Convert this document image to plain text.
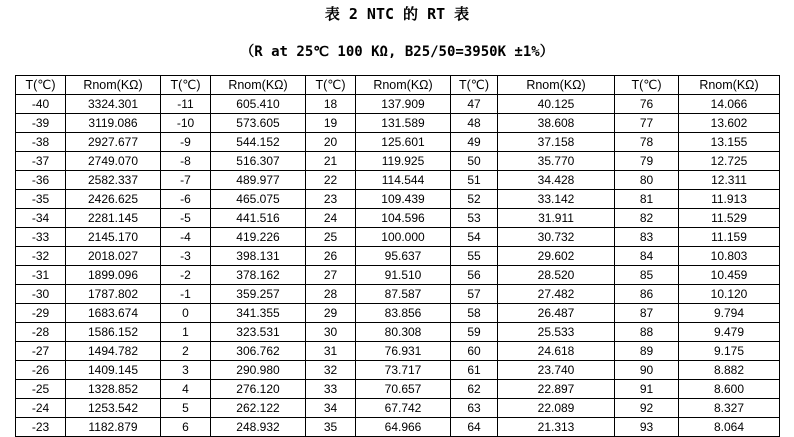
表 2 NTC 的 RT 表
（R at 25℃ 100 KΩ, B25/50=3950K ±1%）
T(℃)	Rnom(KΩ)	T(℃)	Rnom(KΩ)	T(℃)	Rnom(KΩ)	T(℃)	Rnom(KΩ)	T(℃)	Rnom(KΩ)
-40	3324.301	-11	605.410	18	137.909	47	40.125	76	14.066
-39	3119.086	-10	573.605	19	131.589	48	38.608	77	13.602
-38	2927.677	-9	544.152	20	125.601	49	37.158	78	13.155
-37	2749.070	-8	516.307	21	119.925	50	35.770	79	12.725
-36	2582.337	-7	489.977	22	114.544	51	34.428	80	12.311
-35	2426.625	-6	465.075	23	109.439	52	33.142	81	11.913
-34	2281.145	-5	441.516	24	104.596	53	31.911	82	11.529
-33	2145.170	-4	419.226	25	100.000	54	30.732	83	11.159
-32	2018.027	-3	398.131	26	95.637	55	29.602	84	10.803
-31	1899.096	-2	378.162	27	91.510	56	28.520	85	10.459
-30	1787.802	-1	359.257	28	87.587	57	27.482	86	10.120
-29	1683.674	0	341.355	29	83.856	58	26.487	87	9.794
-28	1586.152	1	323.531	30	80.308	59	25.533	88	9.479
-27	1494.782	2	306.762	31	76.931	60	24.618	89	9.175
-26	1409.145	3	290.980	32	73.717	61	23.740	90	8.882
-25	1328.852	4	276.120	33	70.657	62	22.897	91	8.600
-24	1253.542	5	262.122	34	67.742	63	22.089	92	8.327
-23	1182.879	6	248.932	35	64.966	64	21.313	93	8.064
